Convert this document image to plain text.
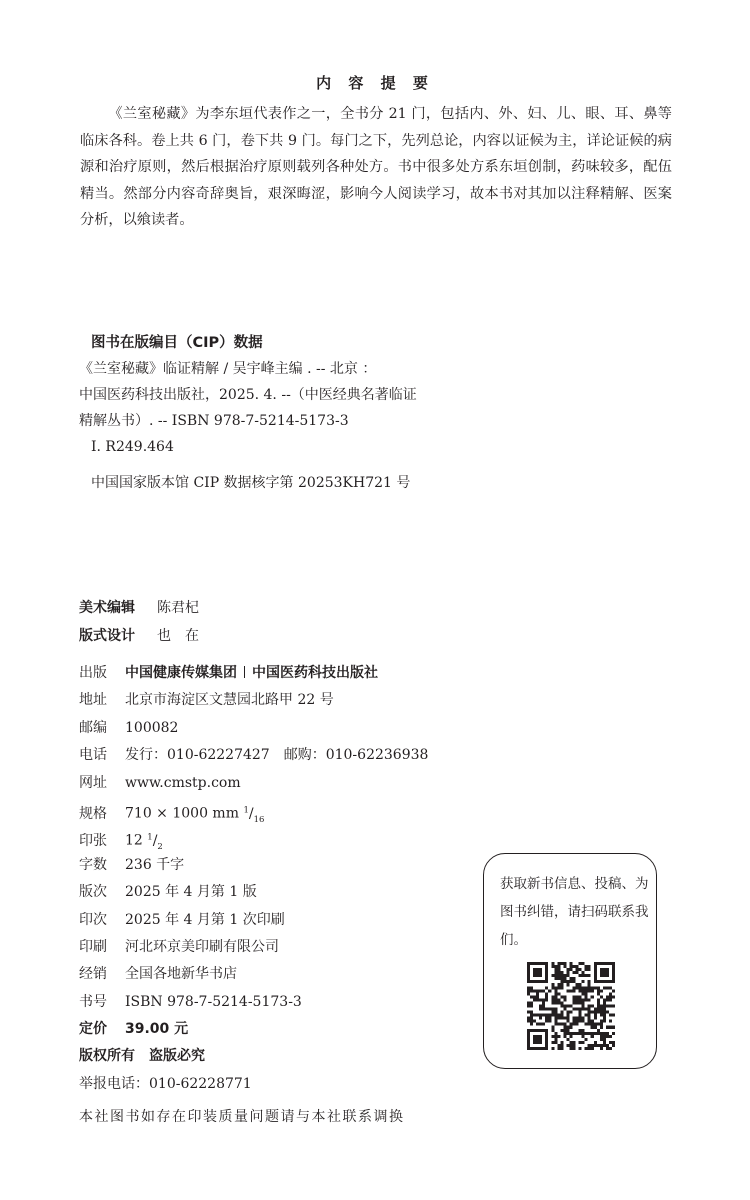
内 容 提 要

《兰室秘藏》为李东垣代表作之一，全书分 21 门，包括内、外、妇、儿、眼、耳、鼻等临床各科。卷上共 6 门，卷下共 9 门。每门之下，先列总论，内容以证候为主，详论证候的病源和治疗原则，然后根据治疗原则载列各种处方。书中很多处方系东垣创制，药味较多，配伍精当。然部分内容奇辞奥旨，艰深晦涩，影响今人阅读学习，故本书对其加以注释精解、医案分析，以飨读者。

图书在版编目（CIP）数据
《兰室秘藏》临证精解 / 吴宇峰主编 . -- 北京 ：
中国医药科技出版社，2025. 4. --（中医经典名著临证
精解丛书）. -- ISBN 978-7-5214-5173-3
Ⅰ. R249.464
中国国家版本馆 CIP 数据核字第 20253KH721 号
美术编辑 陈君杞
版式设计 也　在
出版 中国健康传媒集团 中国医药科技出版社
地址 北京市海淀区文慧园北路甲 22 号
邮编 100082
电话 发行：010-62227427　邮购：010-62236938
网址 www.cmstp.com
规格 710 × 1000 mm $^1/_{16}$
印张 12 $^1/_2$
字数 236 千字
版次 2025 年 4 月第 1 版
印次 2025 年 4 月第 1 次印刷
印刷 河北环京美印刷有限公司
经销 全国各地新华书店
书号 ISBN 978-7-5214-5173-3
定价 39.00 元
版权所有　盗版必究
举报电话：010-62228771
本社图书如存在印装质量问题请与本社联系调换
获取新书信息、投稿、为图书纠错，请扫码联系我们。
